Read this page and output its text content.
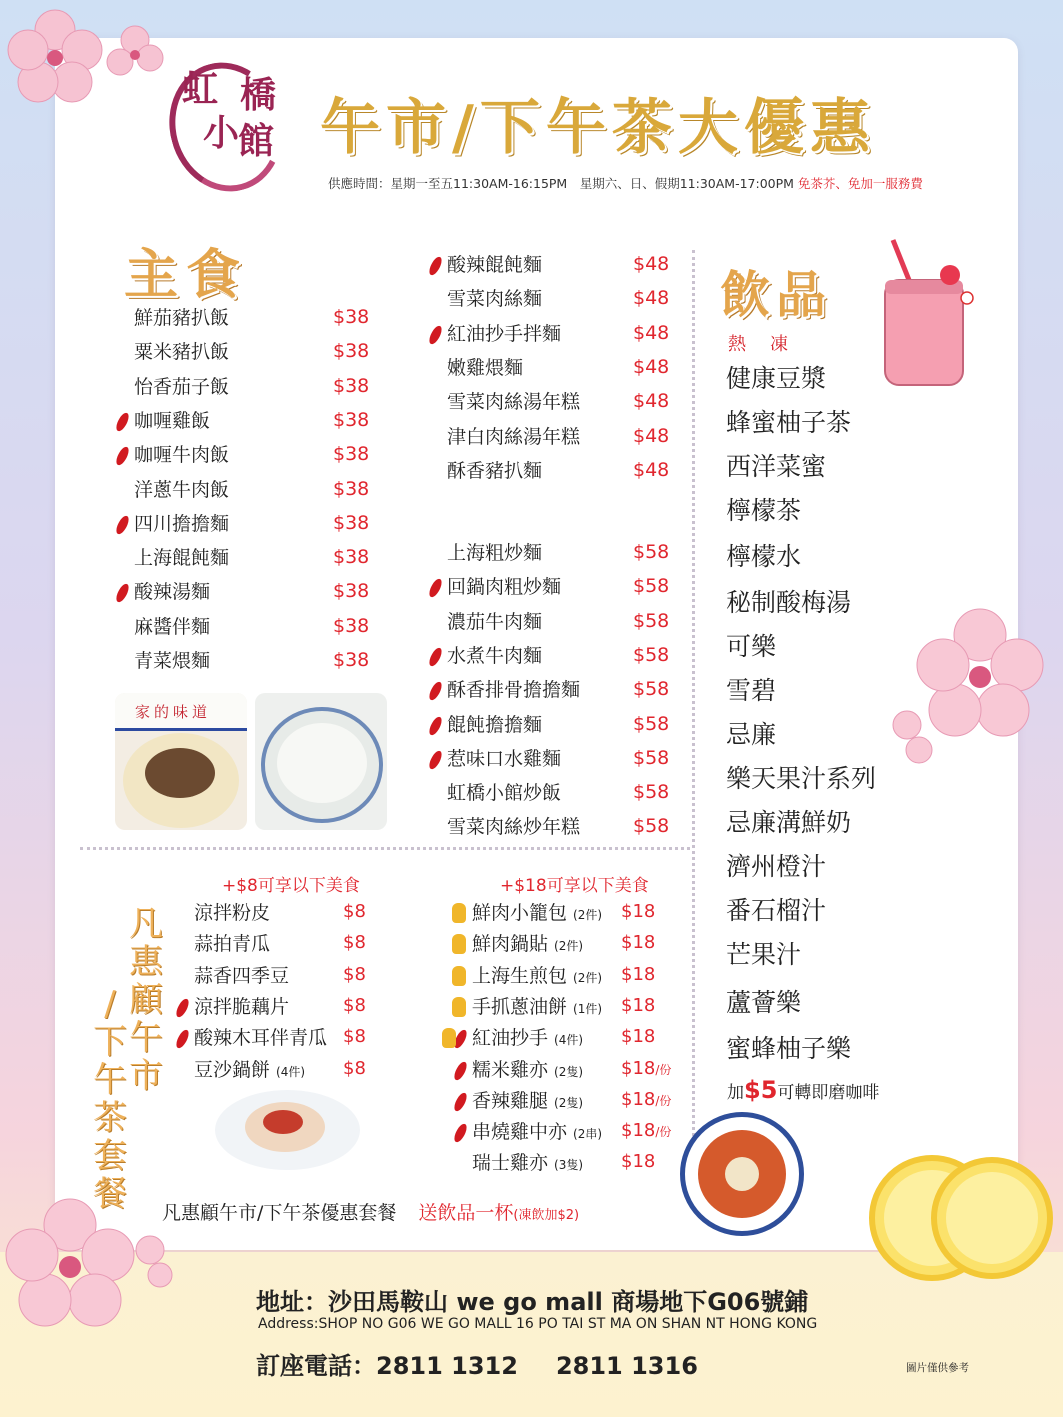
虹 橋
小
館 午市/下午茶大優惠
供應時間：星期一至五11:30AM-16:15PM　星期六、日、假期11:30AM-17:00PM 免茶芥、免加一服務費
主食
鮮茄豬扒飯	$38
粟米豬扒飯	$38
怡香茄子飯	$38
咖喱雞飯	$38
咖喱牛肉飯	$38
洋蔥牛肉飯	$38
四川擔擔麵	$38
上海餛飩麵	$38
酸辣湯麵	$38
麻醬伴麵	$38
青菜煨麵	$38
酸辣餛飩麵	$48
雪菜肉絲麵	$48
紅油抄手拌麵	$48
嫩雞煨麵	$48
雪菜肉絲湯年糕	$48
津白肉絲湯年糕	$48
酥香豬扒麵	$48
上海粗炒麵	$58
回鍋肉粗炒麵	$58
濃茄牛肉麵	$58
水煮牛肉麵	$58
酥香排骨擔擔麵	$58
餛飩擔擔麵	$58
惹味口水雞麵	$58
虹橋小館炒飯	$58
雪菜肉絲炒年糕	$58
家的味道
飲品
熱 凍
健康豆漿
蜂蜜柚子茶
西洋菜蜜
檸檬茶
檸檬水
秘制酸梅湯
可樂
雪碧
忌廉
樂天果汁系列
忌廉溝鮮奶
濟州橙汁
番石榴汁
芒果汁
蘆薈樂
蜜蜂柚子樂
加$5可轉即磨咖啡
+$8可享以下美食	+$18可享以下美食
涼拌粉皮	$8
蒜拍青瓜	$8
蒜香四季豆	$8
涼拌脆藕片	$8
酸辣木耳伴青瓜 $8
豆沙鍋餅 (4件) $8
鮮肉小籠包 (2件) $18
鮮肉鍋貼 (2件) $18
上海生煎包 (2件) $18
手抓蔥油餅 (1件) $18
紅油抄手 (4件) $18
糯米雞亦 (2隻) $18/份
香辣雞腿 (2隻) $18/份
串燒雞中亦 (2串) $18/份
瑞士雞亦 (3隻) $18
凡
惠
顧
午
市
/
下
午
茶
套
餐 凡惠顧午市/下午茶優惠套餐 送飲品一杯(凍飲加$2)
地址：沙田馬鞍山 we go mall 商場地下G06號鋪
Address:SHOP NO G06 WE GO MALL 16 PO TAI ST MA ON SHAN NT HONG KONG
訂座電話：2811 1312 2811 1316	圖片僅供參考
